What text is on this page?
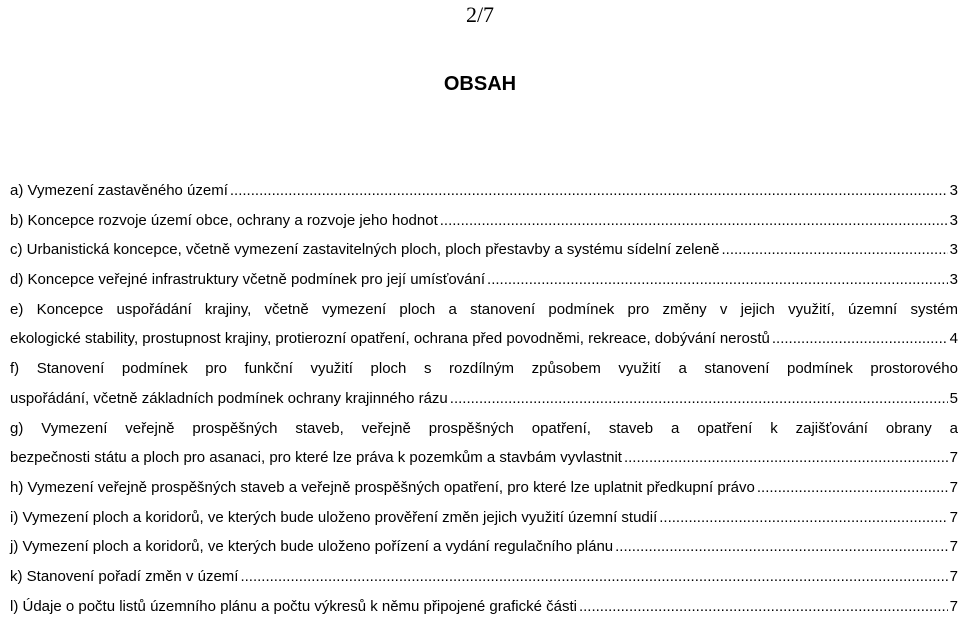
2/7
OBSAH
a) Vymezení zastavěného území .....	3
b) Koncepce rozvoje území obce, ochrany a rozvoje jeho hodnot .....	3
c) Urbanistická koncepce, včetně vymezení zastavitelných ploch, ploch přestavby a systému sídelní zeleně .....	3
d) Koncepce veřejné infrastruktury včetně podmínek pro její umísťování .....	3
e) Koncepce uspořádání krajiny, včetně vymezení ploch a stanovení podmínek pro změny v jejich využití, územní systém
ekologické stability, prostupnost krajiny, protierozní opatření, ochrana před povodněmi, rekreace, dobývání nerostů .....	4
f) Stanovení podmínek pro funkční využití ploch s rozdílným způsobem využití a stanovení podmínek prostorového
uspořádání, včetně základních podmínek ochrany krajinného rázu .....	5
g) Vymezení veřejně prospěšných staveb, veřejně prospěšných opatření, staveb a opatření k zajišťování obrany a
bezpečnosti státu a ploch pro asanaci, pro které lze práva k pozemkům a stavbám vyvlastnit .....	7
h) Vymezení veřejně prospěšných staveb a veřejně prospěšných opatření, pro které lze uplatnit předkupní právo .....	7
i) Vymezení ploch a koridorů, ve kterých bude uloženo prověření změn jejich využití územní studií .....	7
j) Vymezení ploch a koridorů, ve kterých bude uloženo pořízení a vydání regulačního plánu .....	7
k) Stanovení pořadí změn v území .....	7
l) Údaje o počtu listů územního plánu a počtu výkresů k němu připojené grafické části .....	7
